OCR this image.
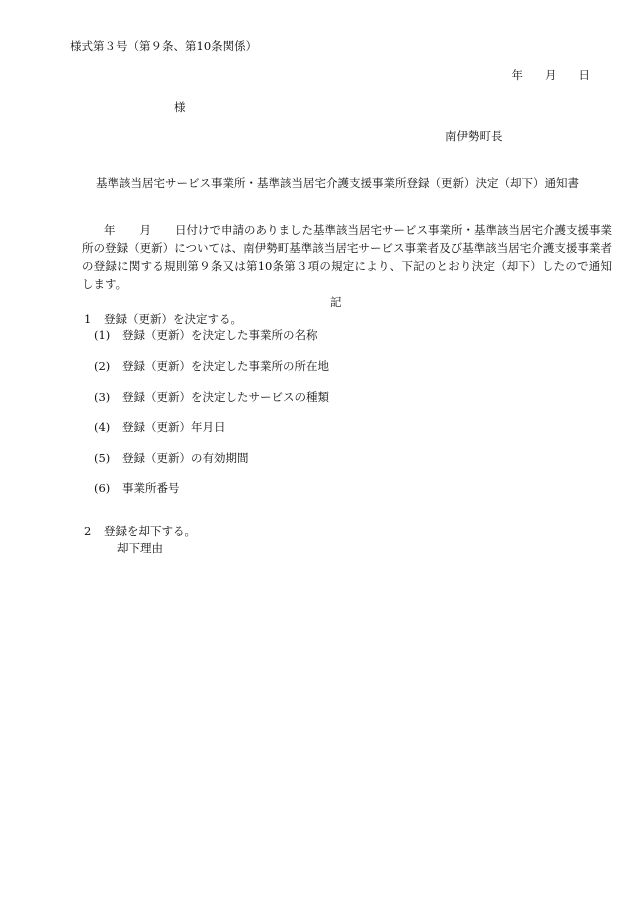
様式第３号（第９条、第10条関係）
年 月 日
様
南伊勢町長
基準該当居宅サービス事業所・基準該当居宅介護支援事業所登録（更新）決定（却下）通知書
年 月 日付けで申請のありました基準該当居宅サービス事業所・基準該当居宅介護支援事業所の登録（更新）については、南伊勢町基準該当居宅サービス事業者及び基準該当居宅介護支援事業者の登録に関する規則第９条又は第10条第３項の規定により、下記のとおり決定（却下）したので通知します。
記
1 登録（更新）を決定する。
(1) 登録（更新）を決定した事業所の名称
(2) 登録（更新）を決定した事業所の所在地
(3) 登録（更新）を決定したサービスの種類
(4) 登録（更新）年月日
(5) 登録（更新）の有効期間
(6) 事業所番号
2 登録を却下する。
却下理由
